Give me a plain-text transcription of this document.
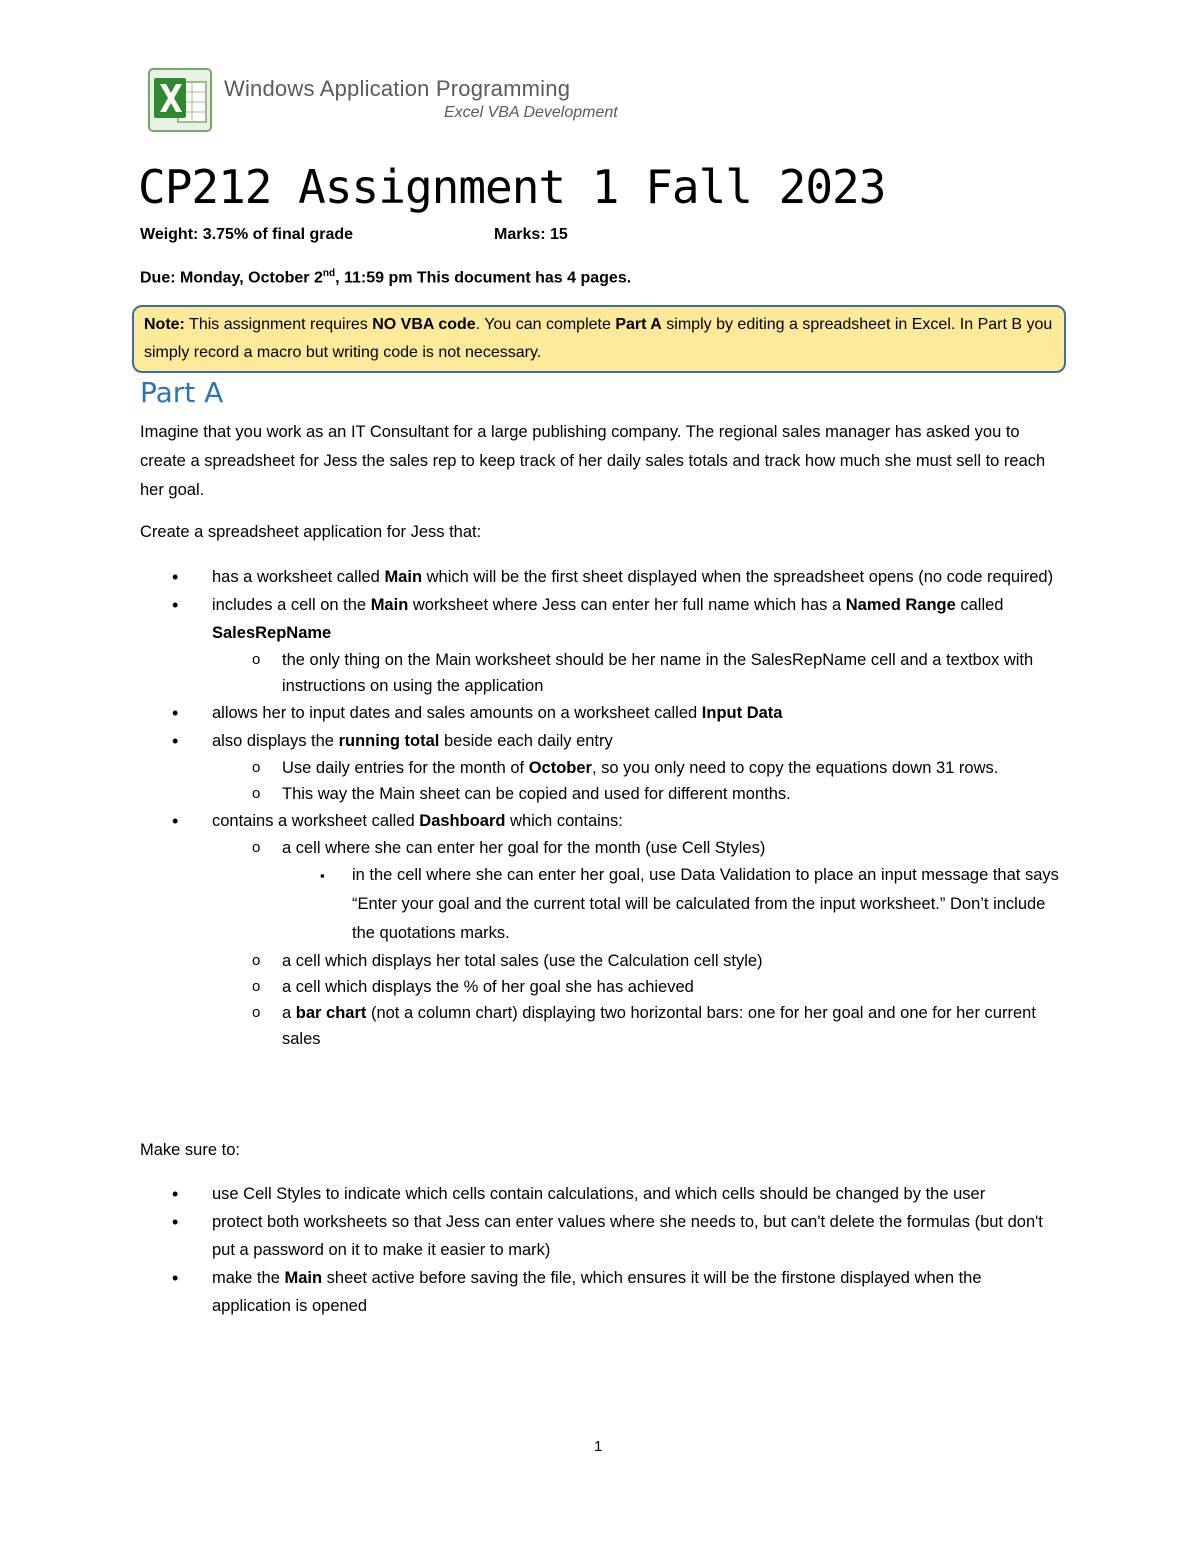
Windows Application Programming
Excel VBA Development
CP212 Assignment 1 Fall 2023
Weight: 3.75% of final grade	Marks: 15
Due: Monday, October 2nd, 11:59 pm This document has 4 pages.
Note: This assignment requires NO VBA code. You can complete Part A simply by editing a spreadsheet in Excel. In Part B you simply record a macro but writing code is not necessary.
Part A

Imagine that you work as an IT Consultant for a large publishing company. The regional sales manager has asked you to create a spreadsheet for Jess the sales rep to keep track of her daily sales totals and track how much she must sell to reach her goal.

Create a spreadsheet application for Jess that:

• has a worksheet called Main which will be the first sheet displayed when the spreadsheet opens (no code required)
• includes a cell on the Main worksheet where Jess can enter her full name which has a Named Range called SalesRepName
o the only thing on the Main worksheet should be her name in the SalesRepName cell and a textbox with instructions on using the application
• allows her to input dates and sales amounts on a worksheet called Input Data
• also displays the running total beside each daily entry
o Use daily entries for the month of October, so you only need to copy the equations down 31 rows.
o This way the Main sheet can be copied and used for different months.
• contains a worksheet called Dashboard which contains:
o a cell where she can enter her goal for the month (use Cell Styles)
▪ in the cell where she can enter her goal, use Data Validation to place an input message that says “Enter your goal and the current total will be calculated from the input worksheet.” Don’t include the quotations marks.
o a cell which displays her total sales (use the Calculation cell style)
o a cell which displays the % of her goal she has achieved
o a bar chart (not a column chart) displaying two horizontal bars: one for her goal and one for her current sales

Make sure to:

• use Cell Styles to indicate which cells contain calculations, and which cells should be changed by the user
• protect both worksheets so that Jess can enter values where she needs to, but can't delete the formulas (but don't put a password on it to make it easier to mark)
• make the Main sheet active before saving the file, which ensures it will be the firstone displayed when the application is opened
1
